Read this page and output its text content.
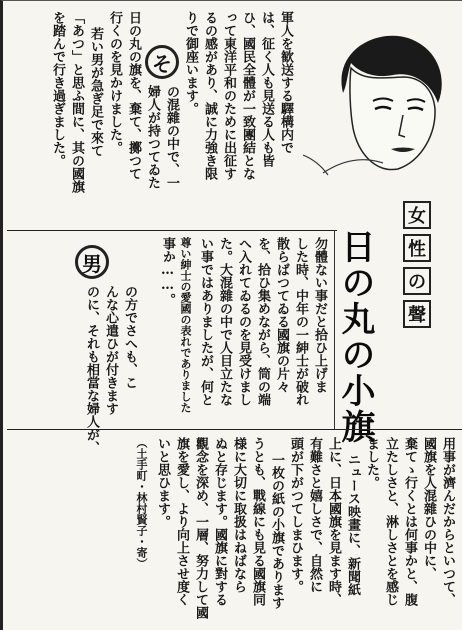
女
性
の
聲
日の丸の小旗
そ
男
軍人を歓送する驛構内で
は、征く人も見送る人も皆
ひ、國民全體が一致團結とな
って東洋平和のために出征す
るの感があり、誠に力強き限
りで御座います。
の混雜の中で、一
婦人が持つてゐた
日の丸の旗を、棄て、擲つて
行くのを見かけました。
若い男が急ぎ足で來て
「あつ」と思ふ間に、其の國旗
を踏んで行き過ぎました。
勿體ない事だと拾ひ上げま
した時、中年の一紳士が破れ
散らばつてゐる國旗の片々
を、拾ひ集めながら、筒の端
へ入れてゐるのを見受けまし
た。大混雜の中で人目立たな
い事ではありましたが、何と
尊い紳士の愛國の表れでありました
事か……。
の方でさへも、こ
んな心遣ひが付きます
のに、それも相當な婦人が、
用事が濟んだからといつて、
國旗を人混雜ひの中に、
棄てゝ行くとは何事かと、腹
立たしさと、淋しさとを感じ
ました。
ニュース映畫に、新聞紙
上に、日本國旗を見ます時、
有難さと嬉しさで、自然に
頭が下がつてしまひます。
一枚の紙の小旗であります
うとも、戰線にも見る國旗同
様に大切に取扱はねばなら
ぬと存じます。國旗に對する
觀念を深め、一層、努力して國
旗を愛し、より向上させ度く
いと思ひます。
（土手町・林村賢子・寄）
